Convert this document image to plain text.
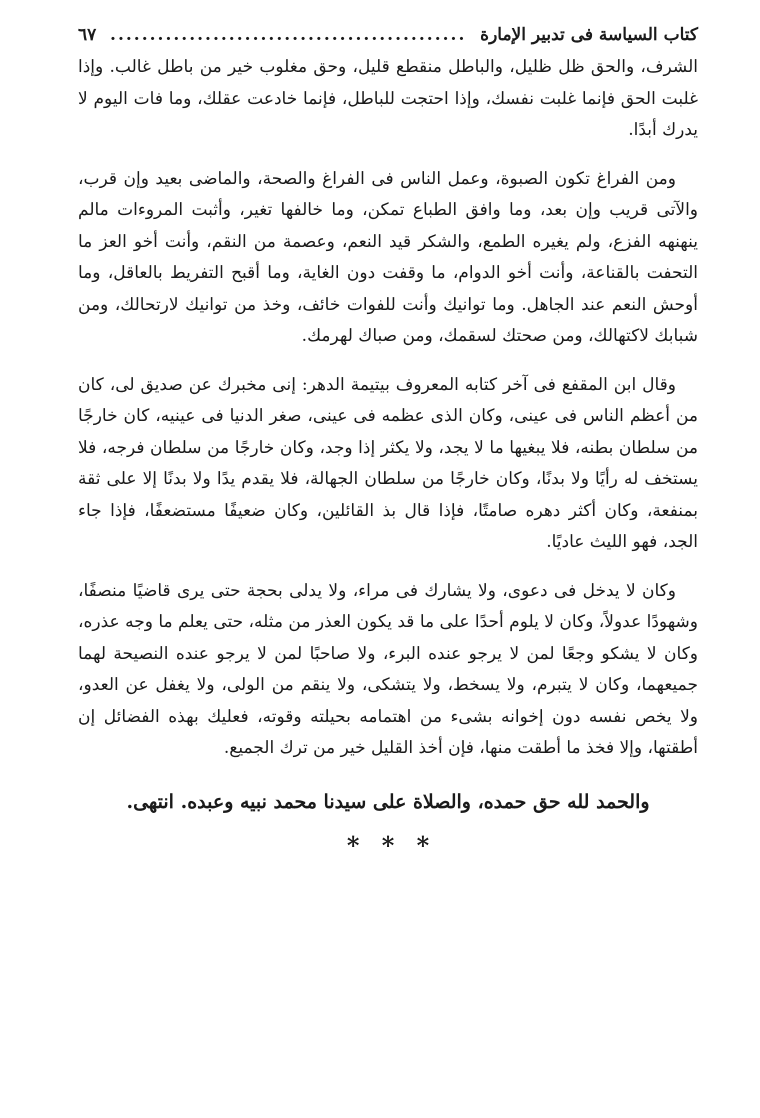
كتاب السياسة فى تدبير الإمارة
.............................................
٦٧

الشرف، والحق ظل ظليل، والباطل منقطع قليل، وحق مغلوب خير من باطل غالب. وإذا غلبت الحق فإنما غلبت نفسك، وإذا احتجت للباطل، فإنما خادعت عقلك، وما فات اليوم لا يدرك أبدًا.

ومن الفراغ تكون الصبوة، وعمل الناس فى الفراغ والصحة، والماضى بعيد وإن قرب، والآتى قريب وإن بعد، وما وافق الطباع تمكن، وما خالفها تغير، وأثبت المروءات مالم ينهنهه الفزع، ولم يغيره الطمع، والشكر قيد النعم، وعصمة من النقم، وأنت أخو العز ما التحفت بالقناعة، وأنت أخو الدوام، ما وقفت دون الغاية، وما أقبح التفريط بالعاقل، وما أوحش النعم عند الجاهل. وما توانيك وأنت للفوات خائف، وخذ من توانيك لارتحالك، ومن شبابك لاكتهالك، ومن صحتك لسقمك، ومن صباك لهرمك.

وقال ابن المقفع فى آخر كتابه المعروف بيتيمة الدهر: إنى مخبرك عن صديق لى، كان من أعظم الناس فى عينى، وكان الذى عظمه فى عينى، صغر الدنيا فى عينيه، كان خارجًا من سلطان بطنه، فلا يبغيها ما لا يجد، ولا يكثر إذا وجد، وكان خارجًا من سلطان فرجه، فلا يستخف له رأيًا ولا بدنًا، وكان خارجًا من سلطان الجهالة، فلا يقدم يدًا ولا بدنًا إلا على ثقة بمنفعة، وكان أكثر دهره صامتًا، فإذا قال بذ القائلين، وكان ضعيفًا مستضعفًا، فإذا جاء الجد، فهو الليث عاديًا.

وكان لا يدخل فى دعوى، ولا يشارك فى مراء، ولا يدلى بحجة حتى يرى قاضيًا منصفًا، وشهودًا عدولاً، وكان لا يلوم أحدًا على ما قد يكون العذر من مثله، حتى يعلم ما وجه عذره، وكان لا يشكو وجعًا لمن لا يرجو عنده البرء، ولا صاحبًا لمن لا يرجو عنده النصيحة لهما جميعهما، وكان لا يتبرم، ولا يسخط، ولا يتشكى، ولا ينقم من الولى، ولا يغفل عن العدو، ولا يخص نفسه دون إخوانه بشىء من اهتمامه بحيلته وقوته، فعليك بهذه الفضائل إن أطقتها، وإلا فخذ ما أطقت منها، فإن أخذ القليل خير من ترك الجميع.

والحمد لله حق حمده، والصلاة على سيدنا محمد نبيه وعبده. انتهى.
* * *
